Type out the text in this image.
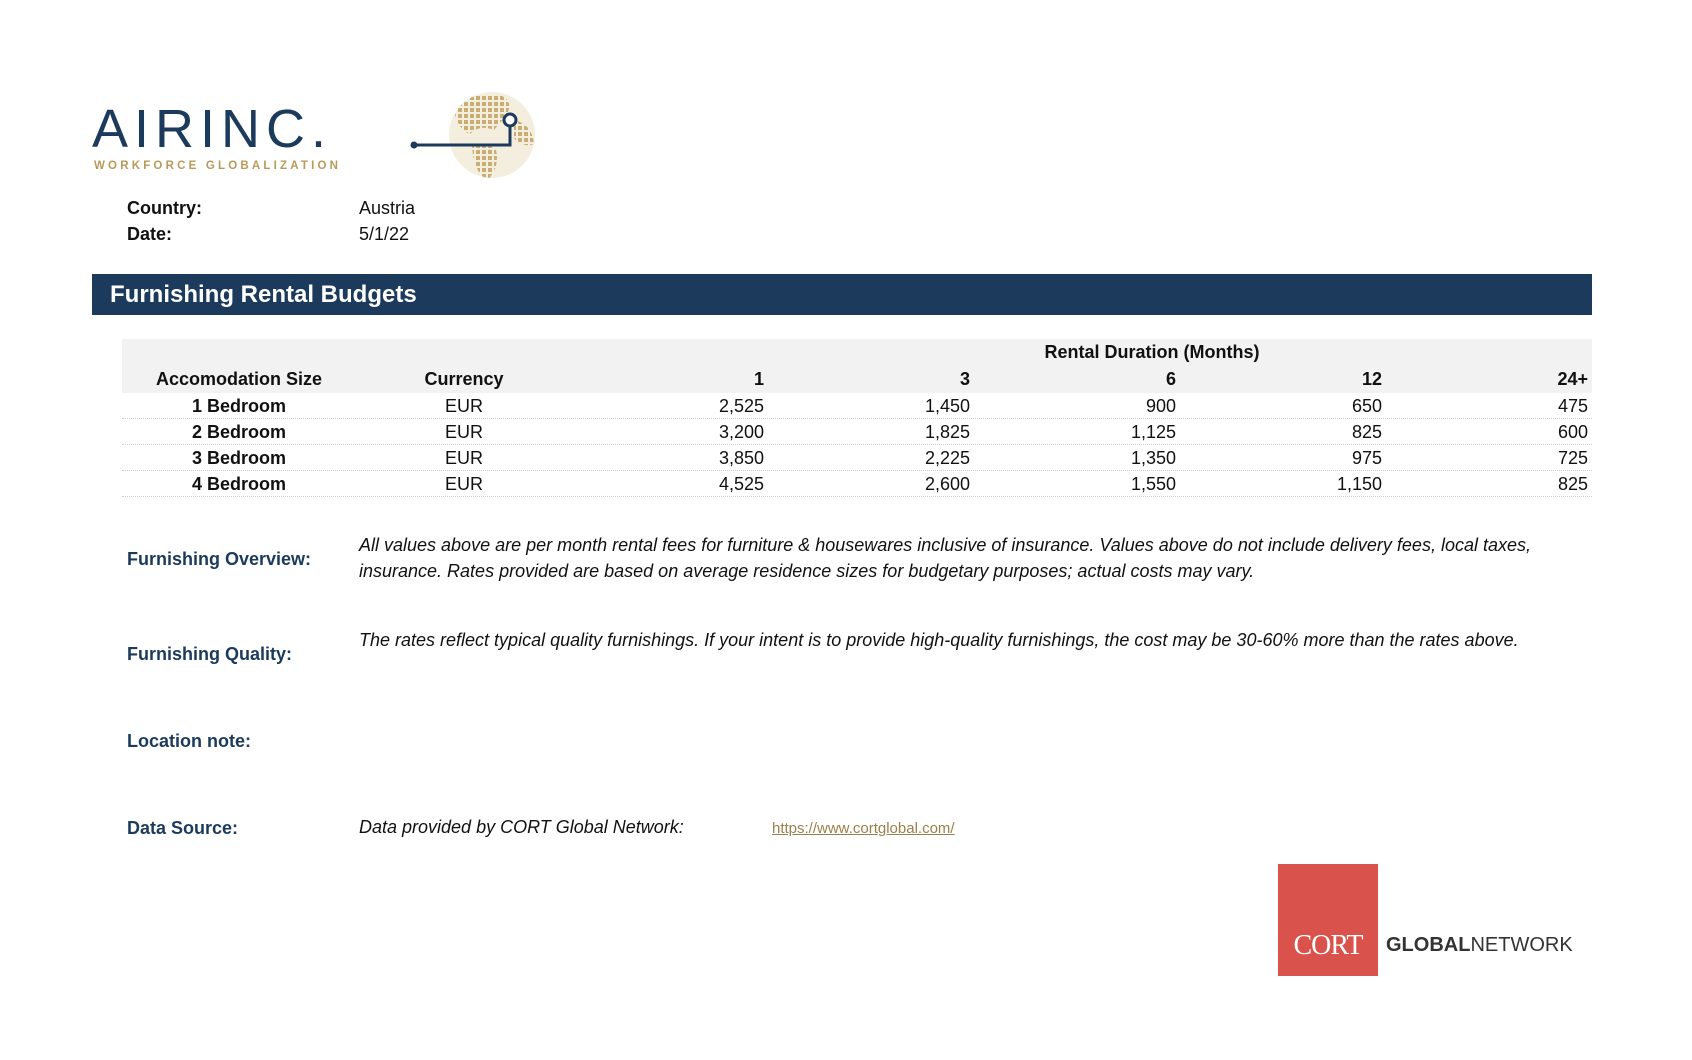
AIRINC.
WORKFORCE GLOBALIZATION
Country:	Austria
Date:	5/1/22
Furnishing Rental Budgets
Rental Duration (Months)
Accomodation Size	Currency	1	3	6	12	24+
1 Bedroom	EUR	2,525	1,450	900	650	475
2 Bedroom	EUR	3,200	1,825	1,125	825	600
3 Bedroom	EUR	3,850	2,225	1,350	975	725
4 Bedroom	EUR	4,525	2,600	1,550	1,150	825
Furnishing Overview:
All values above are per month rental fees for furniture & housewares inclusive of insurance. Values above do not include delivery fees, local taxes, insurance. Rates provided are based on average residence sizes for budgetary purposes; actual costs may vary.
Furnishing Quality:
The rates reflect typical quality furnishings. If your intent is to provide high-quality furnishings, the cost may be 30-60% more than the rates above.
Location note:
Data Source:	Data provided by CORT Global Network:	https://www.cortglobal.com/
CORT	GLOBALNETWORK
